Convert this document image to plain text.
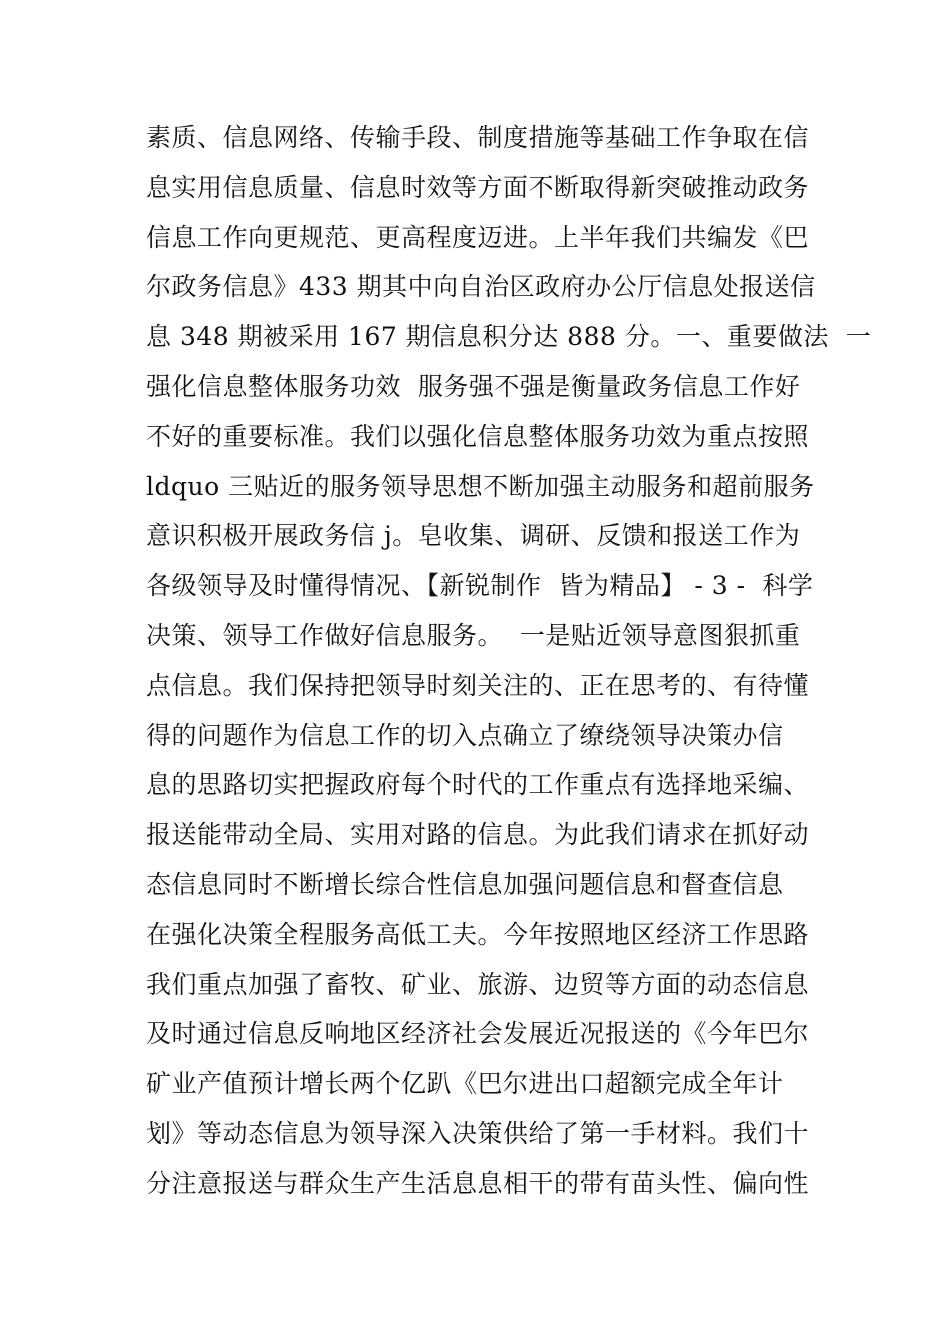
素质、信息网络、传输手段、制度措施等基础工作争取在信
息实用信息质量、信息时效等方面不断取得新突破推动政务
信息工作向更规范、更高程度迈进。上半年我们共编发《巴
尔政务信息》433 期其中向自治区政府办公厅信息处报送信
息 348 期被采用 167 期信息积分达 888 分。一、重要做法  一
强化信息整体服务功效  服务强不强是衡量政务信息工作好
不好的重要标准。我们以强化信息整体服务功效为重点按照
ldquo 三贴近的服务领导思想不断加强主动服务和超前服务
意识积极开展政务信 j。皂收集、调研、反馈和报送工作为
各级领导及时懂得情况、【新锐制作  皆为精品】 - 3 -  科学
决策、领导工作做好信息服务。  一是贴近领导意图狠抓重
点信息。我们保持把领导时刻关注的、正在思考的、有待懂
得的问题作为信息工作的切入点确立了缭绕领导决策办信
息的思路切实把握政府每个时代的工作重点有选择地采编、
报送能带动全局、实用对路的信息。为此我们请求在抓好动
态信息同时不断增长综合性信息加强问题信息和督查信息
在强化决策全程服务高低工夫。今年按照地区经济工作思路
我们重点加强了畜牧、矿业、旅游、边贸等方面的动态信息
及时通过信息反响地区经济社会发展近况报送的《今年巴尔
矿业产值预计增长两个亿趴《巴尔进出口超额完成全年计
划》等动态信息为领导深入决策供给了第一手材料。我们十
分注意报送与群众生产生活息息相干的带有苗头性、偏向性
